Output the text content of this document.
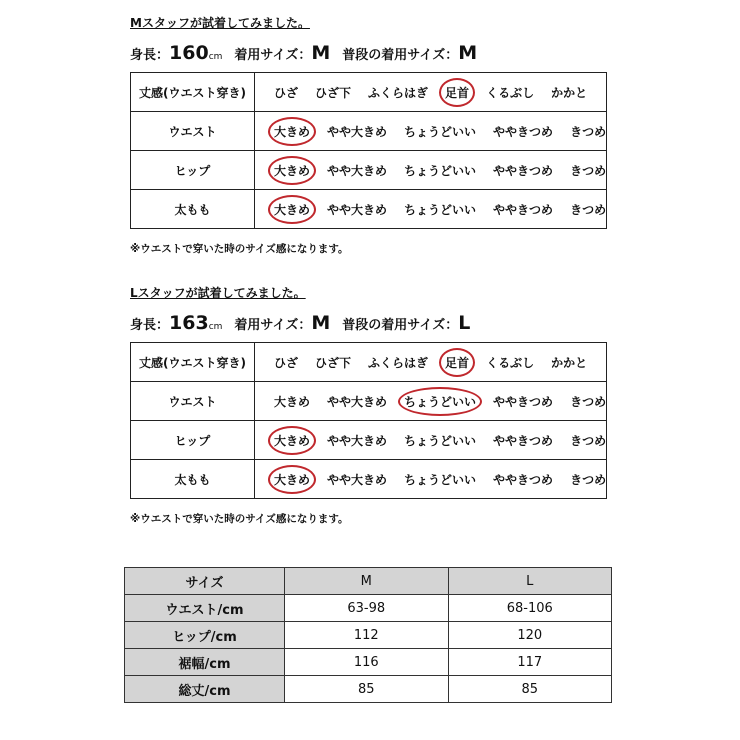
Mスタッフが試着してみました。
身長：160cm 着用サイズ：M 普段の着用サイズ：M
丈感(ウエスト穿き)	ひざ ひざ下 ふくらはぎ 足首 くるぶし かかと
ウエスト	大きめ やや大きめ ちょうどいい ややきつめ きつめ
ヒップ	大きめ やや大きめ ちょうどいい ややきつめ きつめ
太もも	大きめ やや大きめ ちょうどいい ややきつめ きつめ
※ウエストで穿いた時のサイズ感になります。
Lスタッフが試着してみました。
身長：163cm 着用サイズ：M 普段の着用サイズ：L
丈感(ウエスト穿き)	ひざ ひざ下 ふくらはぎ 足首 くるぶし かかと
ウエスト	大きめ やや大きめ ちょうどいい ややきつめ きつめ
ヒップ	大きめ やや大きめ ちょうどいい ややきつめ きつめ
太もも	大きめ やや大きめ ちょうどいい ややきつめ きつめ
※ウエストで穿いた時のサイズ感になります。
サイズ	M	L
ウエスト/cm	63-98	68-106
ヒップ/cm	112	120
裾幅/cm	116	117
総丈/cm	85	85
